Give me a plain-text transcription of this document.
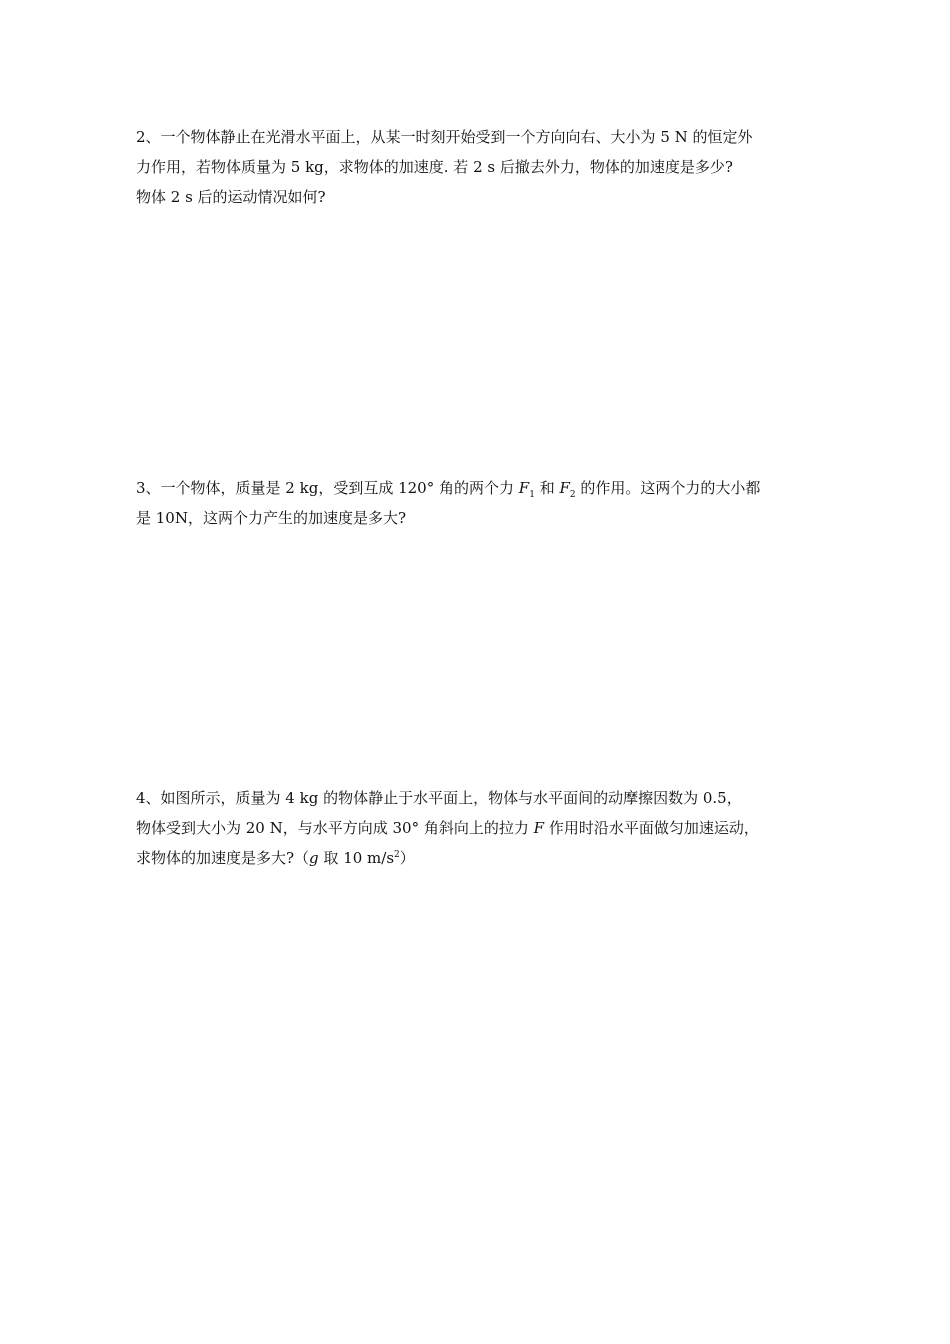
2、一个物体静止在光滑水平面上，从某一时刻开始受到一个方向向右、大小为 5 N 的恒定外
力作用，若物体质量为 5 kg，求物体的加速度. 若 2 s 后撤去外力，物体的加速度是多少?
物体 2 s 后的运动情况如何?
3、一个物体，质量是 2 kg，受到互成 120° 角的两个力 $F_1$ 和 $F_2$ 的作用。这两个力的大小都
是 10N，这两个力产生的加速度是多大?
4、如图所示，质量为 4 kg 的物体静止于水平面上，物体与水平面间的动摩擦因数为 0.5，
物体受到大小为 20 N，与水平方向成 30° 角斜向上的拉力 F 作用时沿水平面做匀加速运动，
求物体的加速度是多大?（g 取 10 $m/s^2$）
